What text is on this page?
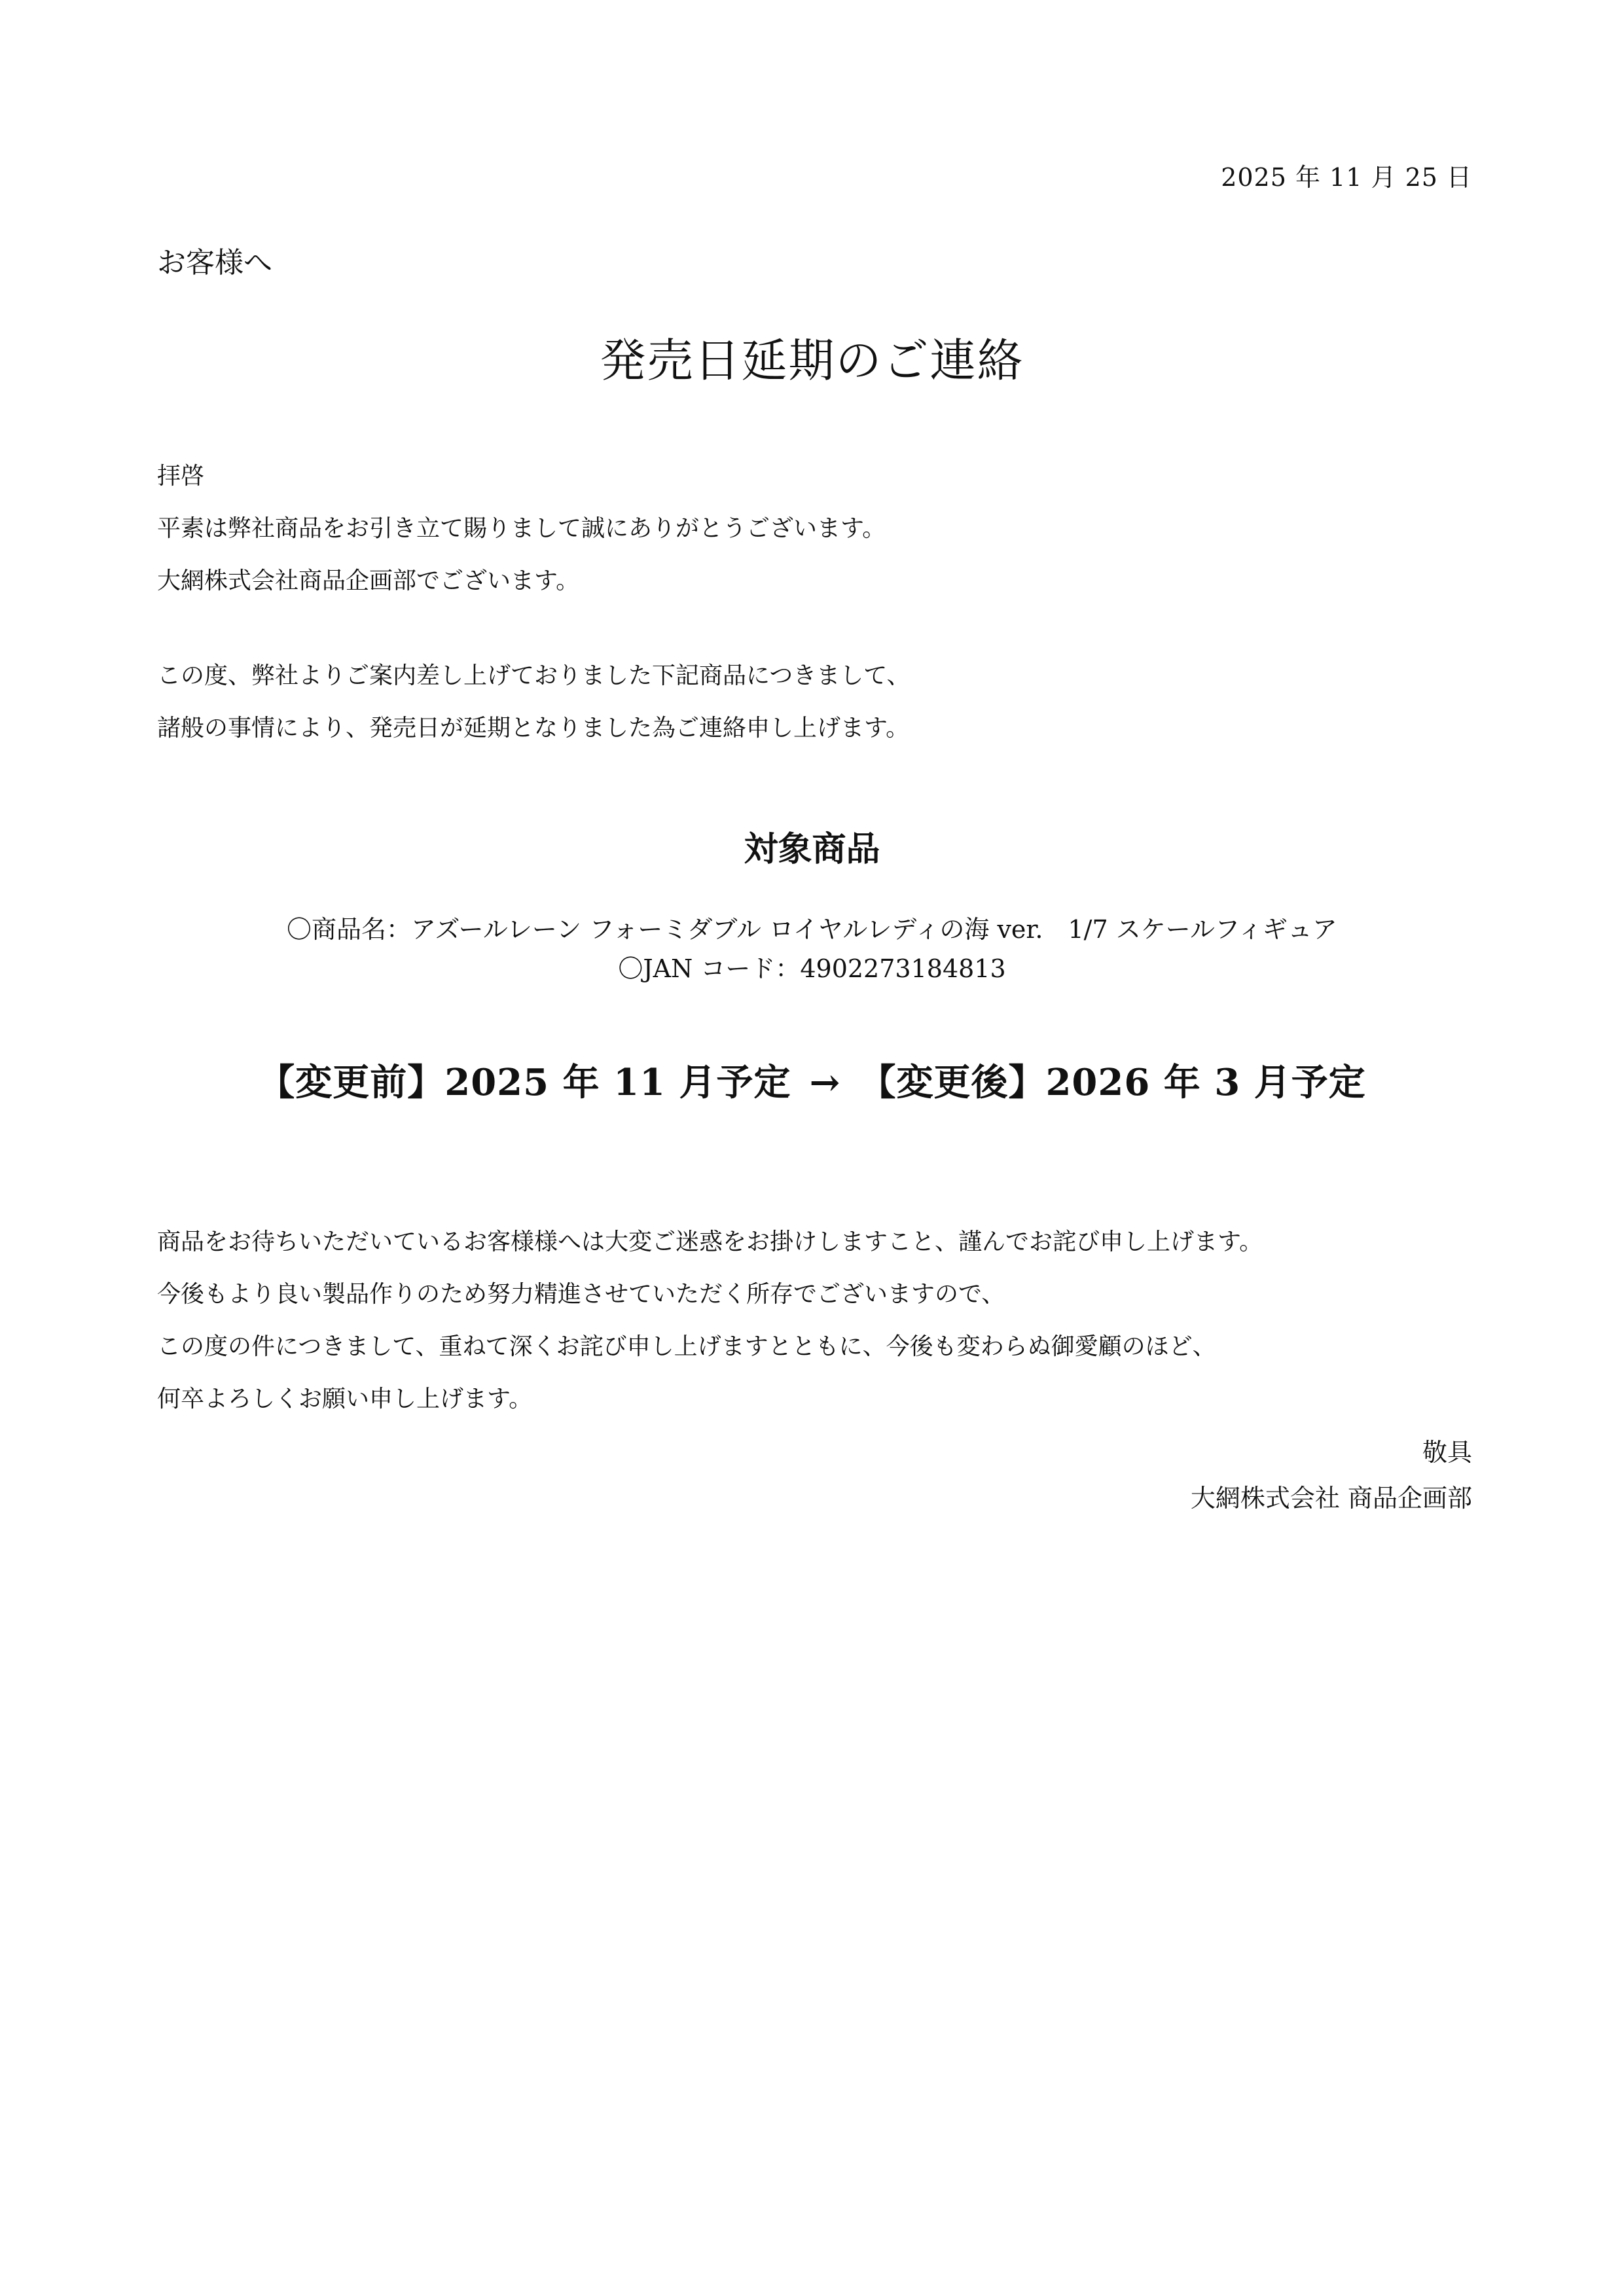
2025 年 11 月 25 日
お客様へ
発売日延期のご連絡
拝啓
平素は弊社商品をお引き立て賜りまして誠にありがとうございます。
大網株式会社商品企画部でございます。
この度、弊社よりご案内差し上げておりました下記商品につきまして、
諸般の事情により、発売日が延期となりました為ご連絡申し上げます。
対象商品
〇商品名：アズールレーン フォーミダブル ロイヤルレディの海 ver.　1/7 スケールフィギュア
〇JAN コード：4902273184813
【変更前】2025 年 11 月予定 → 【変更後】2026 年 3 月予定
商品をお待ちいただいているお客様様へは大変ご迷惑をお掛けしますこと、謹んでお詫び申し上げます。
今後もより良い製品作りのため努力精進させていただく所存でございますので、
この度の件につきまして、重ねて深くお詫び申し上げますとともに、今後も変わらぬ御愛顧のほど、
何卒よろしくお願い申し上げます。
敬具
大網株式会社 商品企画部
